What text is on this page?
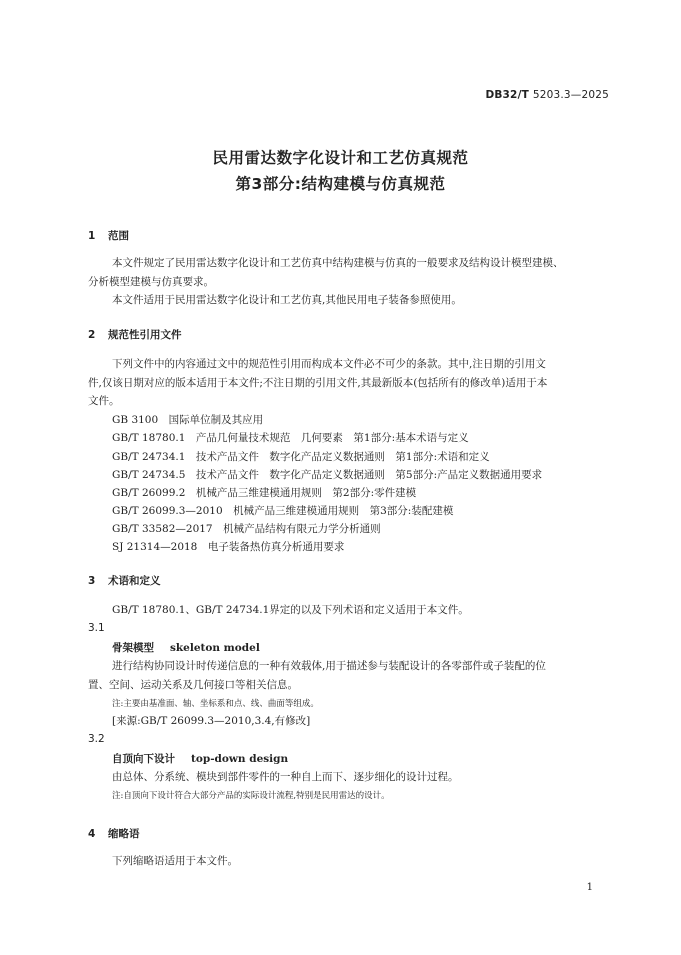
DB32/T 5203.3—2025
民用雷达数字化设计和工艺仿真规范
第3部分:结构建模与仿真规范
1 范围
本文件规定了民用雷达数字化设计和工艺仿真中结构建模与仿真的一般要求及结构设计模型建模、
分析模型建模与仿真要求。
本文件适用于民用雷达数字化设计和工艺仿真,其他民用电子装备参照使用。
2 规范性引用文件
下列文件中的内容通过文中的规范性引用而构成本文件必不可少的条款。其中,注日期的引用文
件,仅该日期对应的版本适用于本文件;不注日期的引用文件,其最新版本(包括所有的修改单)适用于本
文件。
GB 3100　国际单位制及其应用
GB/T 18780.1　产品几何量技术规范　几何要素　第1部分:基本术语与定义
GB/T 24734.1　技术产品文件　数字化产品定义数据通则　第1部分:术语和定义
GB/T 24734.5　技术产品文件　数字化产品定义数据通则　第5部分:产品定义数据通用要求
GB/T 26099.2　机械产品三维建模通用规则　第2部分:零件建模
GB/T 26099.3—2010　机械产品三维建模通用规则　第3部分:装配建模
GB/T 33582—2017　机械产品结构有限元力学分析通则
SJ 21314—2018　电子装备热仿真分析通用要求
3 术语和定义
GB/T 18780.1、GB/T 24734.1界定的以及下列术语和定义适用于本文件。
3.1
骨架模型 skeleton model
进行结构协同设计时传递信息的一种有效载体,用于描述参与装配设计的各零部件或子装配的位
置、空间、运动关系及几何接口等相关信息。
注:主要由基准面、轴、坐标系和点、线、曲面等组成。
[来源:GB/T 26099.3—2010,3.4,有修改]
3.2
自顶向下设计 top-down design
由总体、分系统、模块到部件零件的一种自上而下、逐步细化的设计过程。
注:自顶向下设计符合大部分产品的实际设计流程,特别是民用雷达的设计。
4 缩略语
下列缩略语适用于本文件。
1
